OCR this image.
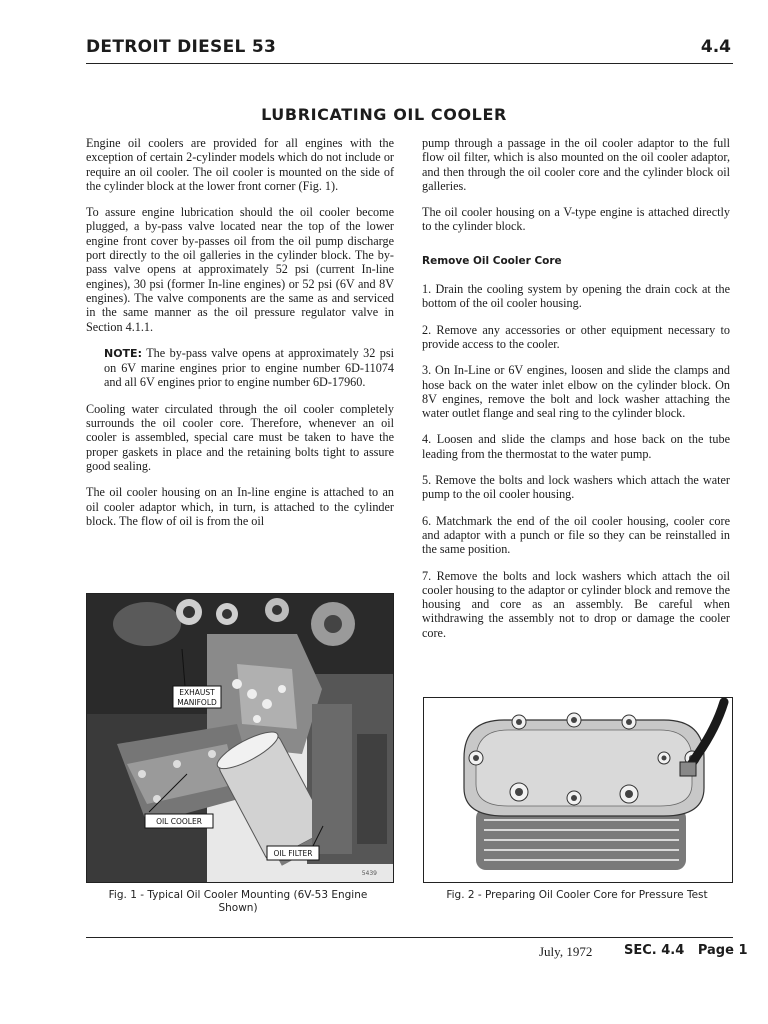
DETROIT DIESEL 53	4.4
LUBRICATING OIL COOLER

Engine oil coolers are provided for all engines with the exception of certain 2-cylinder models which do not include or require an oil cooler. The oil cooler is mounted on the side of the cylinder block at the lower front corner (Fig. 1).

To assure engine lubrication should the oil cooler become plugged, a by-pass valve located near the top of the lower engine front cover by-passes oil from the oil pump discharge port directly to the oil galleries in the cylinder block. The by-pass valve opens at approximately 52 psi (current In-line engines), 30 psi (former In-line engines) or 52 psi (6V and 8V engines). The valve components are the same as and serviced in the same manner as the oil pressure regulator valve in Section 4.1.1.

NOTE: The by-pass valve opens at approximately 32 psi on 6V marine engines prior to engine number 6D-11074 and all 6V engines prior to engine number 6D-17960.

Cooling water circulated through the oil cooler completely surrounds the oil cooler core. Therefore, whenever an oil cooler is assembled, special care must be taken to have the proper gaskets in place and the retaining bolts tight to assure good sealing.

The oil cooler housing on an In-line engine is attached to an oil cooler adaptor which, in turn, is attached to the cylinder block. The flow of oil is from the oil

pump through a passage in the oil cooler adaptor to the full flow oil filter, which is also mounted on the oil cooler adaptor, and then through the oil cooler core and the cylinder block oil galleries.

The oil cooler housing on a V-type engine is attached directly to the cylinder block.

Remove Oil Cooler Core

1. Drain the cooling system by opening the drain cock at the bottom of the oil cooler housing.

2. Remove any accessories or other equipment necessary to provide access to the cooler.

3. On In-Line or 6V engines, loosen and slide the clamps and hose back on the water inlet elbow on the cylinder block. On 8V engines, remove the bolt and lock washer attaching the water outlet flange and seal ring to the cylinder block.

4. Loosen and slide the clamps and hose back on the tube leading from the thermostat to the water pump.

5. Remove the bolts and lock washers which attach the water pump to the oil cooler housing.

6. Matchmark the end of the oil cooler housing, cooler core and adaptor with a punch or file so they can be reinstalled in the same position.

7. Remove the bolts and lock washers which attach the oil cooler housing to the adaptor or cylinder block and remove the housing and core as an assembly. Be careful when withdrawing the assembly not to drop or damage the cooler core.

EXHAUST
MANIFOLD
OIL COOLER
OIL FILTER
5439
Fig. 1 - Typical Oil Cooler Mounting (6V-53 Engine Shown)
Fig. 2 - Preparing Oil Cooler Core for Pressure Test
July, 1972 SEC. 4.4   Page 1
